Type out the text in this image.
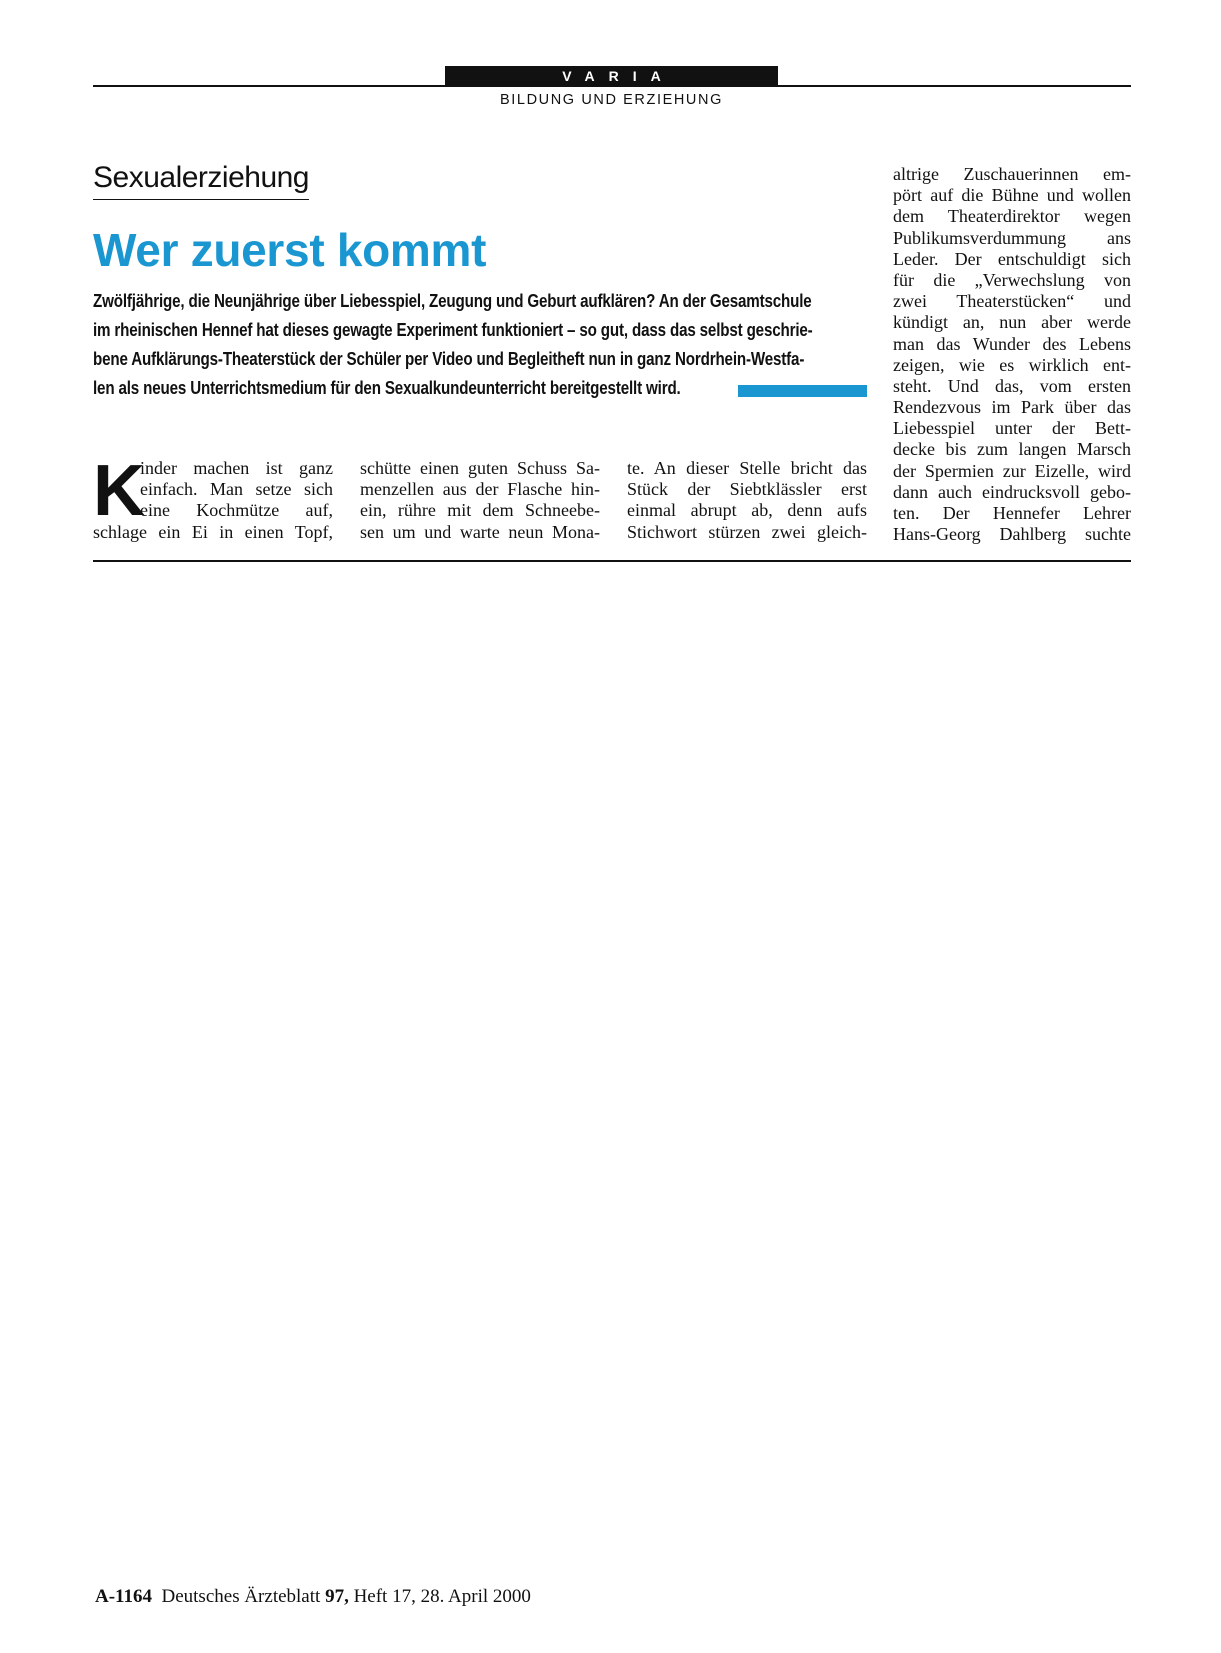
VARIA
BILDUNG UND ERZIEHUNG
Sexualerziehung
Wer zuerst kommt
Zwölfjährige, die Neunjährige über Liebesspiel, Zeugung und Geburt aufklären? An der Gesamtschule
im rheinischen Hennef hat dieses gewagte Experiment funktioniert – so gut, dass das selbst geschrie-
bene Aufklärungs-Theaterstück der Schüler per Video und Begleitheft nun in ganz Nordrhein-Westfa-
len als neues Unterrichtsmedium für den Sexualkundeunterricht bereitgestellt wird.
K
inder machen ist ganz
einfach. Man setze sich
eine Kochmütze auf,
schlage ein Ei in einen Topf,
schütte einen guten Schuss Sa-
menzellen aus der Flasche hin-
ein, rühre mit dem Schneebe-
sen um und warte neun Mona-
te. An dieser Stelle bricht das
Stück der Siebtklässler erst
einmal abrupt ab, denn aufs
Stichwort stürzen zwei gleich-
altrige Zuschauerinnen em-
pört auf die Bühne und wollen
dem Theaterdirektor wegen
Publikumsverdummung ans
Leder. Der entschuldigt sich
für die „Verwechslung von
zwei Theaterstücken“ und
kündigt an, nun aber werde
man das Wunder des Lebens
zeigen, wie es wirklich ent-
steht. Und das, vom ersten
Rendezvous im Park über das
Liebesspiel unter der Bett-
decke bis zum langen Marsch
der Spermien zur Eizelle, wird
dann auch eindrucksvoll gebo-
ten. Der Hennefer Lehrer
Hans-Georg Dahlberg suchte
A-1164 Deutsches Ärzteblatt 97, Heft 17, 28. April 2000
